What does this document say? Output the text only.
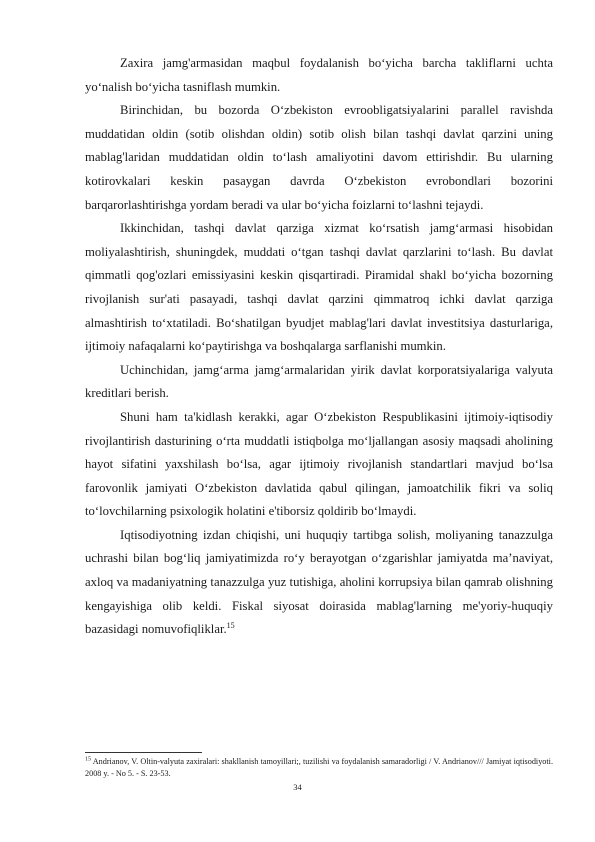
Zaxira jamg'armasidan maqbul foydalanish bo‘yicha barcha takliflarni uchta yo‘nalish bo‘yicha tasniflash mumkin.

Birinchidan, bu bozorda O‘zbekiston evroobligatsiyalarini parallel ravishda muddatidan oldin (sotib olishdan oldin) sotib olish bilan tashqi davlat qarzini uning mablag'laridan muddatidan oldin to‘lash amaliyotini davom ettirishdir. Bu ularning kotirovkalari keskin pasaygan davrda O‘zbekiston evrobondlari bozorini barqarorlashtirishga yordam beradi va ular bo‘yicha foizlarni to‘lashni tejaydi.

Ikkinchidan, tashqi davlat qarziga xizmat ko‘rsatish jamg‘armasi hisobidan moliyalashtirish, shuningdek, muddati o‘tgan tashqi davlat qarzlarini to‘lash. Bu davlat qimmatli qog'ozlari emissiyasini keskin qisqartiradi. Piramidal shakl bo‘yicha bozorning rivojlanish sur'ati pasayadi, tashqi davlat qarzini qimmatroq ichki davlat qarziga almashtirish to‘xtatiladi. Bo‘shatilgan byudjet mablag'lari davlat investitsiya dasturlariga, ijtimoiy nafaqalarni ko‘paytirishga va boshqalarga sarflanishi mumkin.

Uchinchidan, jamg‘arma jamg‘armalaridan yirik davlat korporatsiyalariga valyuta kreditlari berish.

Shuni ham ta'kidlash kerakki, agar O‘zbekiston Respublikasini ijtimoiy-iqtisodiy rivojlantirish dasturining o‘rta muddatli istiqbolga mo‘ljallangan asosiy maqsadi aholining hayot sifatini yaxshilash bo‘lsa, agar ijtimoiy rivojlanish standartlari mavjud bo‘lsa farovonlik jamiyati O‘zbekiston davlatida qabul qilingan, jamoatchilik fikri va soliq to‘lovchilarning psixologik holatini e'tiborsiz qoldirib bo‘lmaydi.

Iqtisodiyotning izdan chiqishi, uni huquqiy tartibga solish, moliyaning tanazzulga uchrashi bilan bog‘liq jamiyatimizda ro‘y berayotgan o‘zgarishlar jamiyatda ma’naviyat, axloq va madaniyatning tanazzulga yuz tutishiga, aholini korrupsiya bilan qamrab olishning kengayishiga olib keldi. Fiskal siyosat doirasida mablag'larning me'yoriy-huquqiy bazasidagi nomuvofiqliklar.$^{15}$

$^{15}$ Andrianov, V. Oltin-valyuta zaxiralari: shakllanish tamoyillari;, tuzilishi va foydalanish samaradorligi / V. Andrianov/// Jamiyat iqtisodiyoti. 2008 y. - No 5. - S. 23-53.
34
